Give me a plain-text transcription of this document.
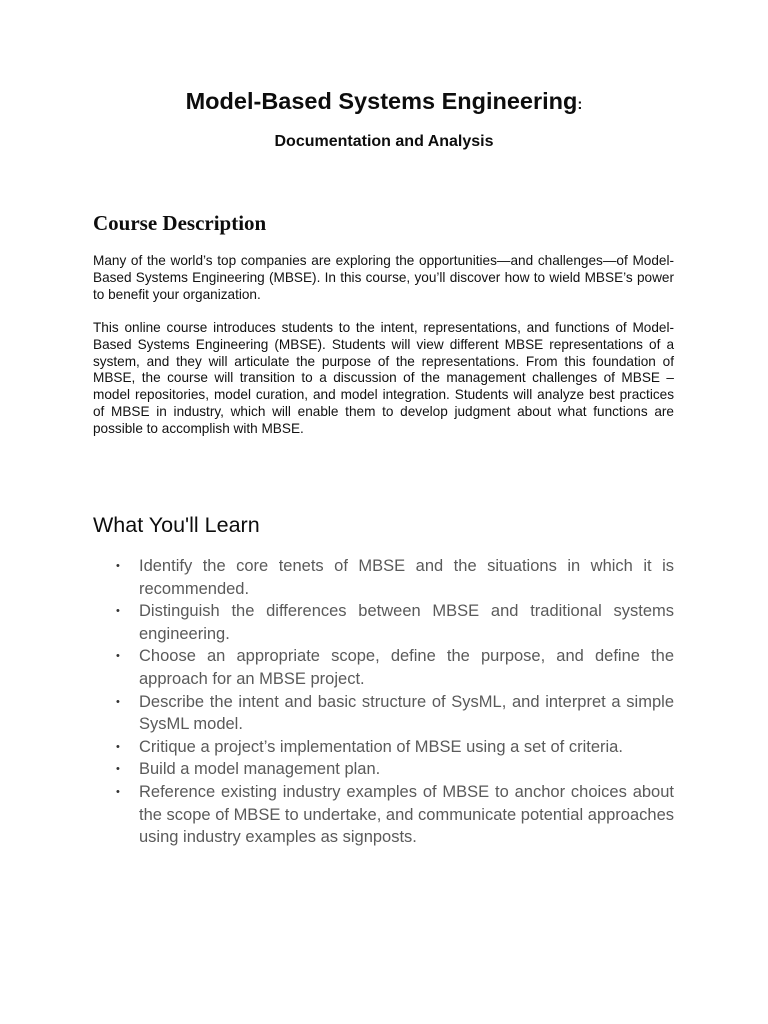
Model-Based Systems Engineering:
Documentation and Analysis
Course Description

Many of the world’s top companies are exploring the opportunities—and challenges—of Model-Based Systems Engineering (MBSE). In this course, you’ll discover how to wield MBSE’s power to benefit your organization.

This online course introduces students to the intent, representations, and functions of Model-Based Systems Engineering (MBSE). Students will view different MBSE representations of a system, and they will articulate the purpose of the representations. From this foundation of MBSE, the course will transition to a discussion of the management challenges of MBSE – model repositories, model curation, and model integration. Students will analyze best practices of MBSE in industry, which will enable them to develop judgment about what functions are possible to accomplish with MBSE.

What You'll Learn
• Identify the core tenets of MBSE and the situations in which it is recommended.
• Distinguish the differences between MBSE and traditional systems engineering.
• Choose an appropriate scope, define the purpose, and define the approach for an MBSE project.
• Describe the intent and basic structure of SysML, and interpret a simple SysML model.
• Critique a project’s implementation of MBSE using a set of criteria.
• Build a model management plan.
• Reference existing industry examples of MBSE to anchor choices about the scope of MBSE to undertake, and communicate potential approaches using industry examples as signposts.
